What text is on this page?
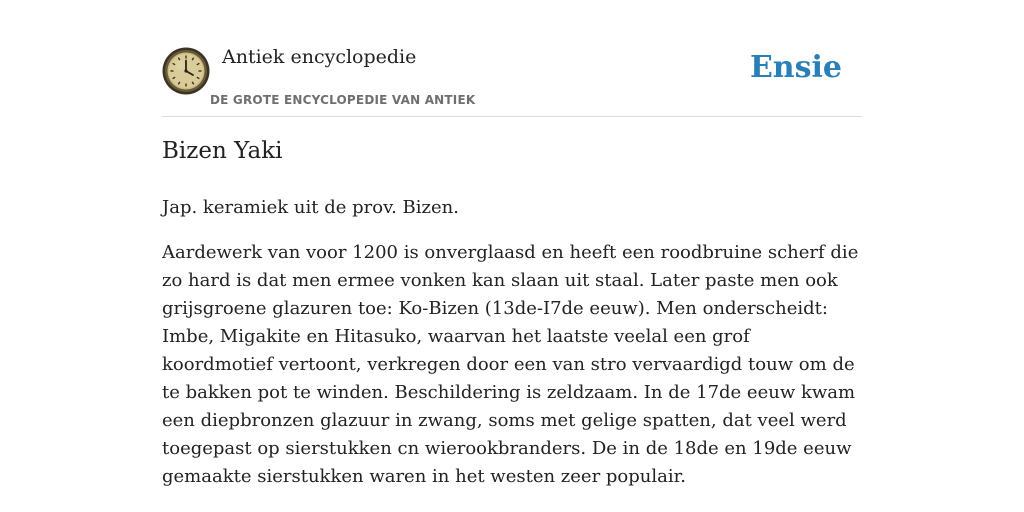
Antiek encyclopedie
DE GROTE ENCYCLOPEDIE VAN ANTIEK
Ensie
Bizen Yaki

Jap. keramiek uit de prov. Bizen.

Aardewerk van voor 1200 is onverglaasd en heeft een roodbruine scherf die zo hard is dat men ermee vonken kan slaan uit staal. Later paste men ook grijsgroene glazuren toe: Ko-Bizen (13de-I7de eeuw). Men onderscheidt: Imbe, Migakite en Hitasuko, waarvan het laatste veelal een grof koordmotief vertoont, verkregen door een van stro vervaardigd touw om de te bakken pot te winden. Beschildering is zeldzaam. In de 17de eeuw kwam een diepbronzen glazuur in zwang, soms met gelige spatten, dat veel werd toegepast op sierstukken cn wierookbranders. De in de 18de en 19de eeuw gemaakte sierstukken waren in het westen zeer populair.
